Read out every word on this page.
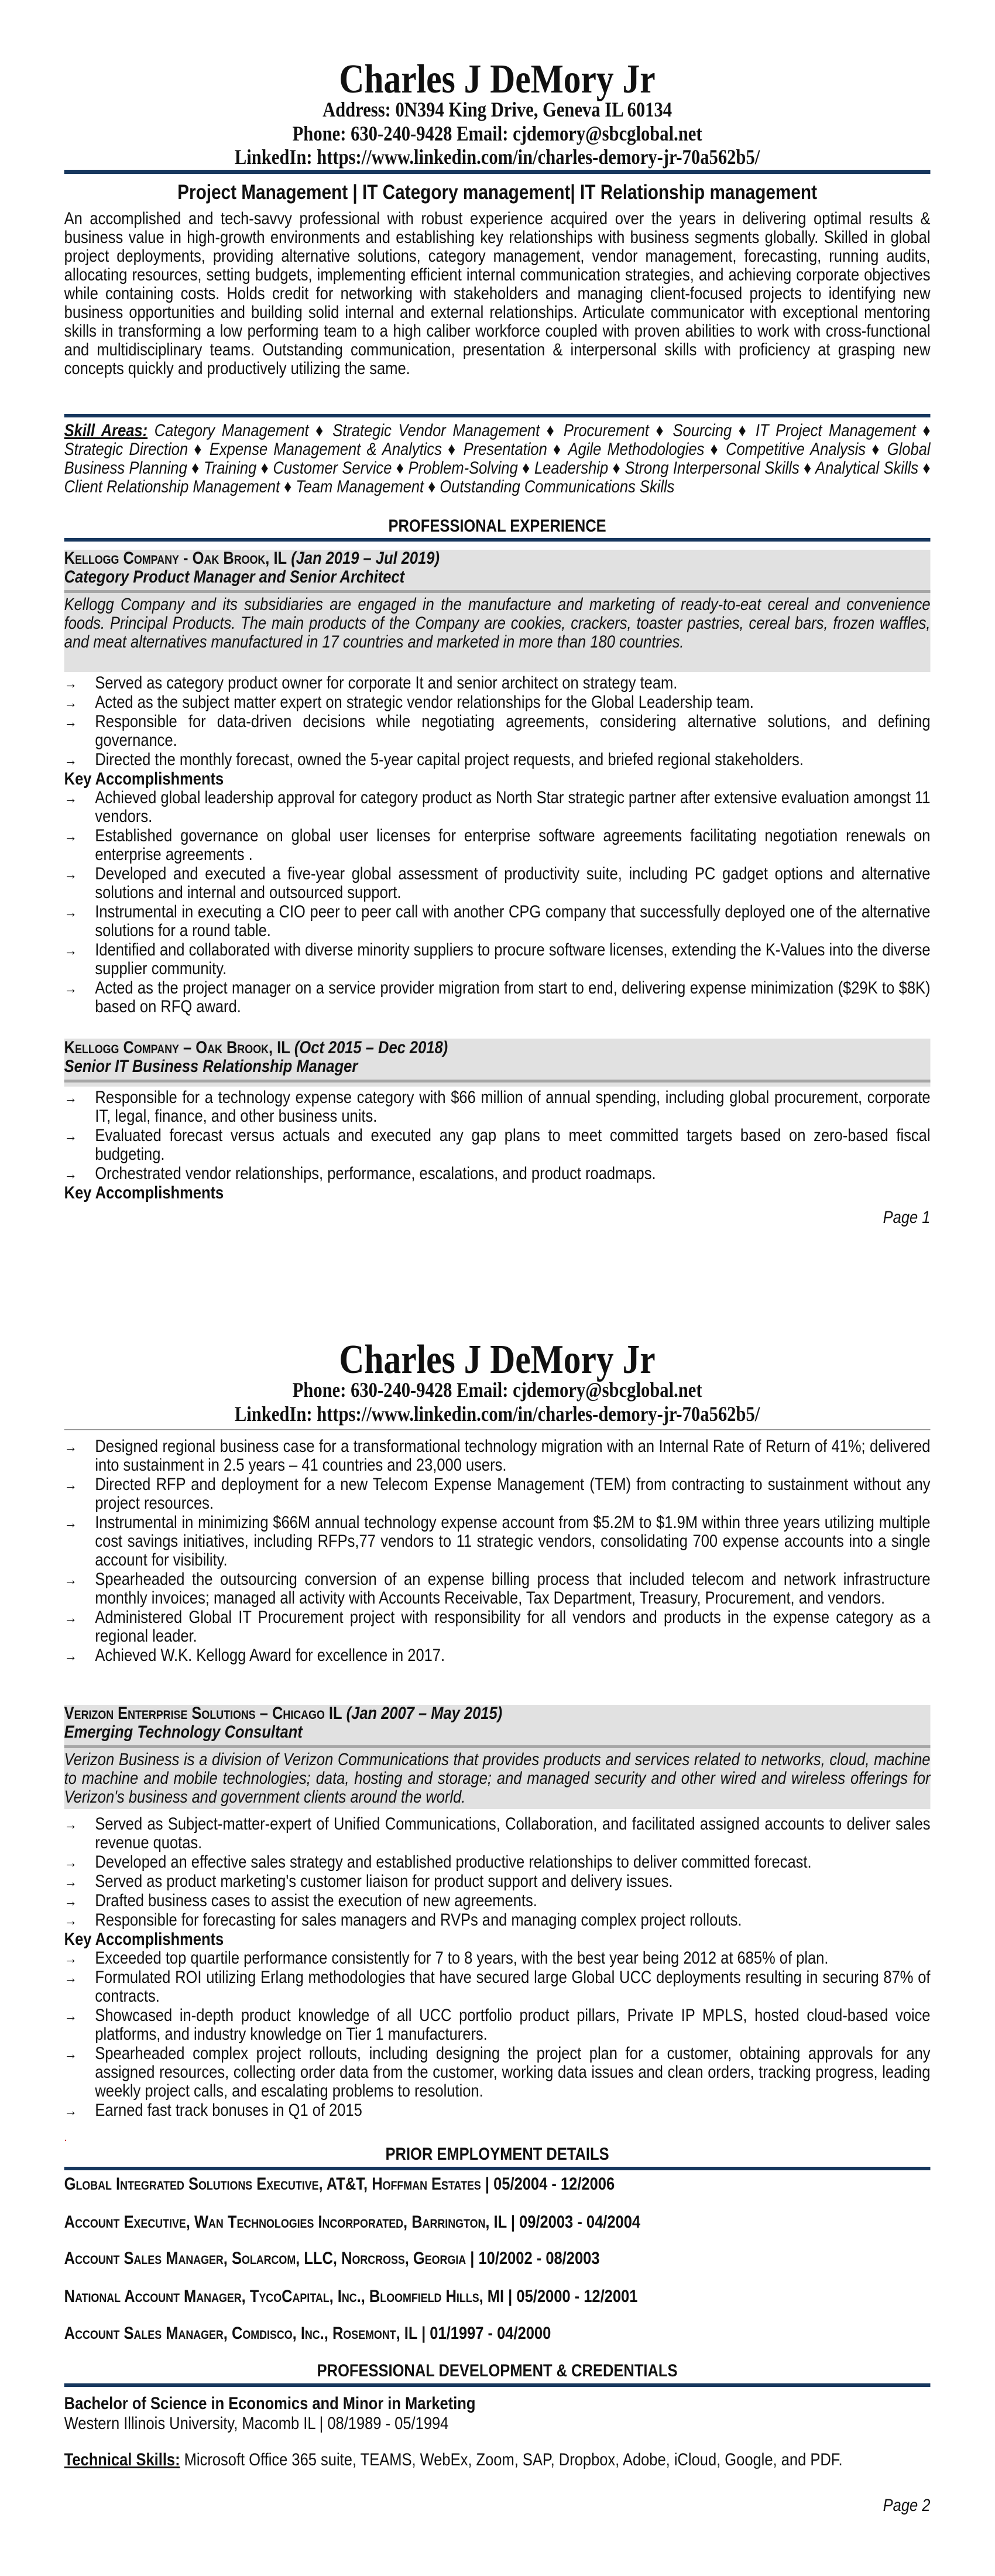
Charles J DeMory Jr
Address: 0N394 King Drive, Geneva IL 60134
Phone: 630-240-9428 Email: cjdemory@sbcglobal.net
LinkedIn: https://www.linkedin.com/in/charles-demory-jr-70a562b5/
Project Management | IT Category management| IT Relationship management
An accomplished and tech-savvy professional with robust experience acquired over the years in delivering optimal results & business value in high-growth environments and establishing key relationships with business segments globally. Skilled in global project deployments, providing alternative solutions, category management, vendor management, forecasting, running audits, allocating resources, setting budgets, implementing efficient internal communication strategies, and achieving corporate objectives while containing costs. Holds credit for networking with stakeholders and managing client-focused projects to identifying new business opportunities and building solid internal and external relationships. Articulate communicator with exceptional mentoring skills in transforming a low performing team to a high caliber workforce coupled with proven abilities to work with cross-functional and multidisciplinary teams. Outstanding communication, presentation & interpersonal skills with proficiency at grasping new concepts quickly and productively utilizing the same.
Skill Areas: Category Management ♦ Strategic Vendor Management ♦ Procurement ♦ Sourcing ♦ IT Project Management ♦ Strategic Direction ♦ Expense Management & Analytics ♦ Presentation ♦ Agile Methodologies ♦ Competitive Analysis ♦ Global Business Planning ♦ Training ♦ Customer Service ♦ Problem-Solving ♦ Leadership ♦ Strong Interpersonal Skills ♦ Analytical Skills ♦ Client Relationship Management ♦ Team Management ♦ Outstanding Communications Skills
PROFESSIONAL EXPERIENCE
Kellogg Company - Oak Brook, IL (Jan 2019 – Jul 2019)
Category Product Manager and Senior Architect
Kellogg Company and its subsidiaries are engaged in the manufacture and marketing of ready-to-eat cereal and convenience foods. Principal Products. The main products of the Company are cookies, crackers, toaster pastries, cereal bars, frozen waffles, and meat alternatives manufactured in 17 countries and marketed in more than 180 countries.
→	Served as category product owner for corporate It and senior architect on strategy team.
→	Acted as the subject matter expert on strategic vendor relationships for the Global Leadership team.
→	Responsible for data-driven decisions while negotiating agreements, considering alternative solutions, and defining governance.
→	Directed the monthly forecast, owned the 5-year capital project requests, and briefed regional stakeholders.
Key Accomplishments
→	Achieved global leadership approval for category product as North Star strategic partner after extensive evaluation amongst 11 vendors.
→	Established governance on global user licenses for enterprise software agreements facilitating negotiation renewals on enterprise agreements .
→	Developed and executed a five-year global assessment of productivity suite, including PC gadget options and alternative solutions and internal and outsourced support.
→	Instrumental in executing a CIO peer to peer call with another CPG company that successfully deployed one of the alternative solutions for a round table.
→	Identified and collaborated with diverse minority suppliers to procure software licenses, extending the K-Values into the diverse supplier community.
→	Acted as the project manager on a service provider migration from start to end, delivering expense minimization ($29K to $8K) based on RFQ award.
Kellogg Company – Oak Brook, IL (Oct 2015 – Dec 2018)
Senior IT Business Relationship Manager
→	Responsible for a technology expense category with $66 million of annual spending, including global procurement, corporate IT, legal, finance, and other business units.
→	Evaluated forecast versus actuals and executed any gap plans to meet committed targets based on zero-based fiscal budgeting.
→	Orchestrated vendor relationships, performance, escalations, and product roadmaps.
Key Accomplishments
Page 1
Charles J DeMory Jr
Phone: 630-240-9428 Email: cjdemory@sbcglobal.net
LinkedIn: https://www.linkedin.com/in/charles-demory-jr-70a562b5/
→	Designed regional business case for a transformational technology migration with an Internal Rate of Return of 41%; delivered into sustainment in 2.5 years – 41 countries and 23,000 users.
→	Directed RFP and deployment for a new Telecom Expense Management (TEM) from contracting to sustainment without any project resources.
→	Instrumental in minimizing $66M annual technology expense account from $5.2M to $1.9M within three years utilizing multiple cost savings initiatives, including RFPs,77 vendors to 11 strategic vendors, consolidating 700 expense accounts into a single account for visibility.
→	Spearheaded the outsourcing conversion of an expense billing process that included telecom and network infrastructure monthly invoices; managed all activity with Accounts Receivable, Tax Department, Treasury, Procurement, and vendors.
→	Administered Global IT Procurement project with responsibility for all vendors and products in the expense category as a regional leader.
→	Achieved W.K. Kellogg Award for excellence in 2017.
Verizon Enterprise Solutions – Chicago IL (Jan 2007 – May 2015)
Emerging Technology Consultant
Verizon Business is a division of Verizon Communications that provides products and services related to networks, cloud, machine to machine and mobile technologies; data, hosting and storage; and managed security and other wired and wireless offerings for Verizon's business and government clients around the world.
→	Served as Subject-matter-expert of Unified Communications, Collaboration, and facilitated assigned accounts to deliver sales revenue quotas.
→	Developed an effective sales strategy and established productive relationships to deliver committed forecast.
→	Served as product marketing's customer liaison for product support and delivery issues.
→	Drafted business cases to assist the execution of new agreements.
→	Responsible for forecasting for sales managers and RVPs and managing complex project rollouts.
Key Accomplishments
→	Exceeded top quartile performance consistently for 7 to 8 years, with the best year being 2012 at 685% of plan.
→	Formulated ROI utilizing Erlang methodologies that have secured large Global UCC deployments resulting in securing 87% of contracts.
→	Showcased in-depth product knowledge of all UCC portfolio product pillars, Private IP MPLS, hosted cloud-based voice platforms, and industry knowledge on Tier 1 manufacturers.
→	Spearheaded complex project rollouts, including designing the project plan for a customer, obtaining approvals for any assigned resources, collecting order data from the customer, working data issues and clean orders, tracking progress, leading weekly project calls, and escalating problems to resolution.
→	Earned fast track bonuses in Q1 of 2015
.
PRIOR EMPLOYMENT DETAILS
Global Integrated Solutions Executive, AT&T, Hoffman Estates | 05/2004 - 12/2006
Account Executive, Wan Technologies Incorporated, Barrington, IL | 09/2003 - 04/2004
Account Sales Manager, Solarcom, LLC, Norcross, Georgia | 10/2002 - 08/2003
National Account Manager, TycoCapital, Inc., Bloomfield Hills, MI | 05/2000 - 12/2001
Account Sales Manager, Comdisco, Inc., Rosemont, IL | 01/1997 - 04/2000
PROFESSIONAL DEVELOPMENT & CREDENTIALS
Bachelor of Science in Economics and Minor in Marketing
Western Illinois University, Macomb IL | 08/1989 - 05/1994
Technical Skills: Microsoft Office 365 suite, TEAMS, WebEx, Zoom, SAP, Dropbox, Adobe, iCloud, Google, and PDF.
Page 2
